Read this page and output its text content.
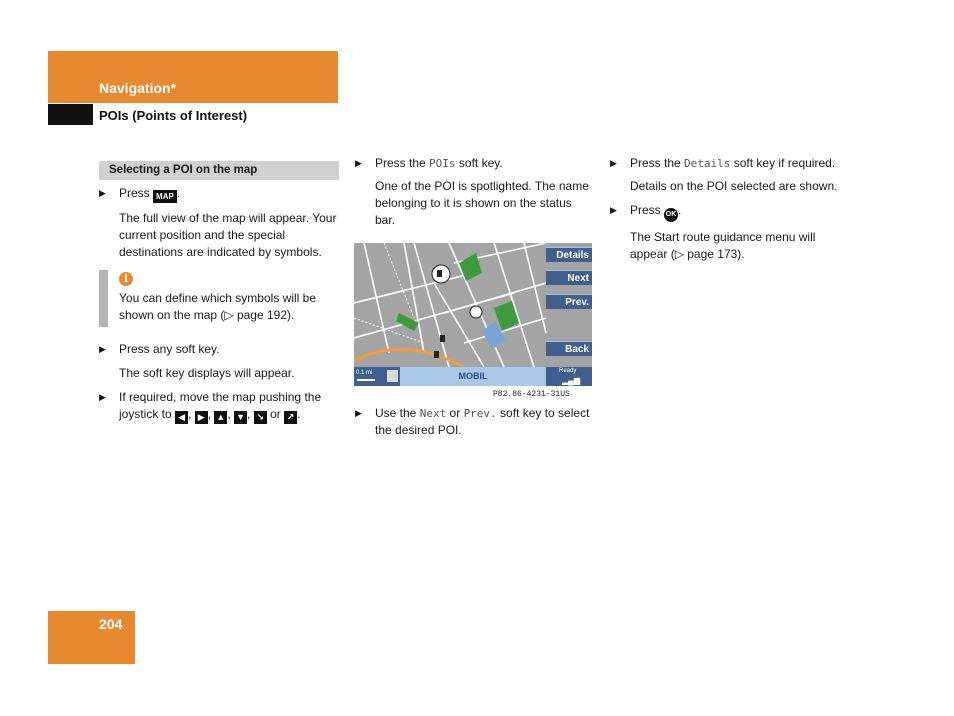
Navigation*
POIs (Points of Interest)
Selecting a POI on the map

▶ Press MAP .

The full view of the map will appear. Your current position and the special destinations are indicated by symbols.

i

You can define which symbols will be shown on the map (▷ page 192).

▶ Press any soft key.

The soft key displays will appear.

▶ If required, move the map pushing the joystick to ◀ , ▶ , ▲ , ▼ , ↘ or ↗ .

▶ Press the POIs soft key.

One of the POI is spotlighted. The name belonging to it is shown on the status bar.

Details
Next
Prev.
Back
0.1 mi	MOBIL	Ready
▂▄▆
P82.86-4231-31US

▶ Use the Next or Prev. soft key to select the desired POI.

▶ Press the Details soft key if required.

Details on the POI selected are shown.

▶ Press OK .

The Start route guidance menu will appear (▷ page 173).

204
